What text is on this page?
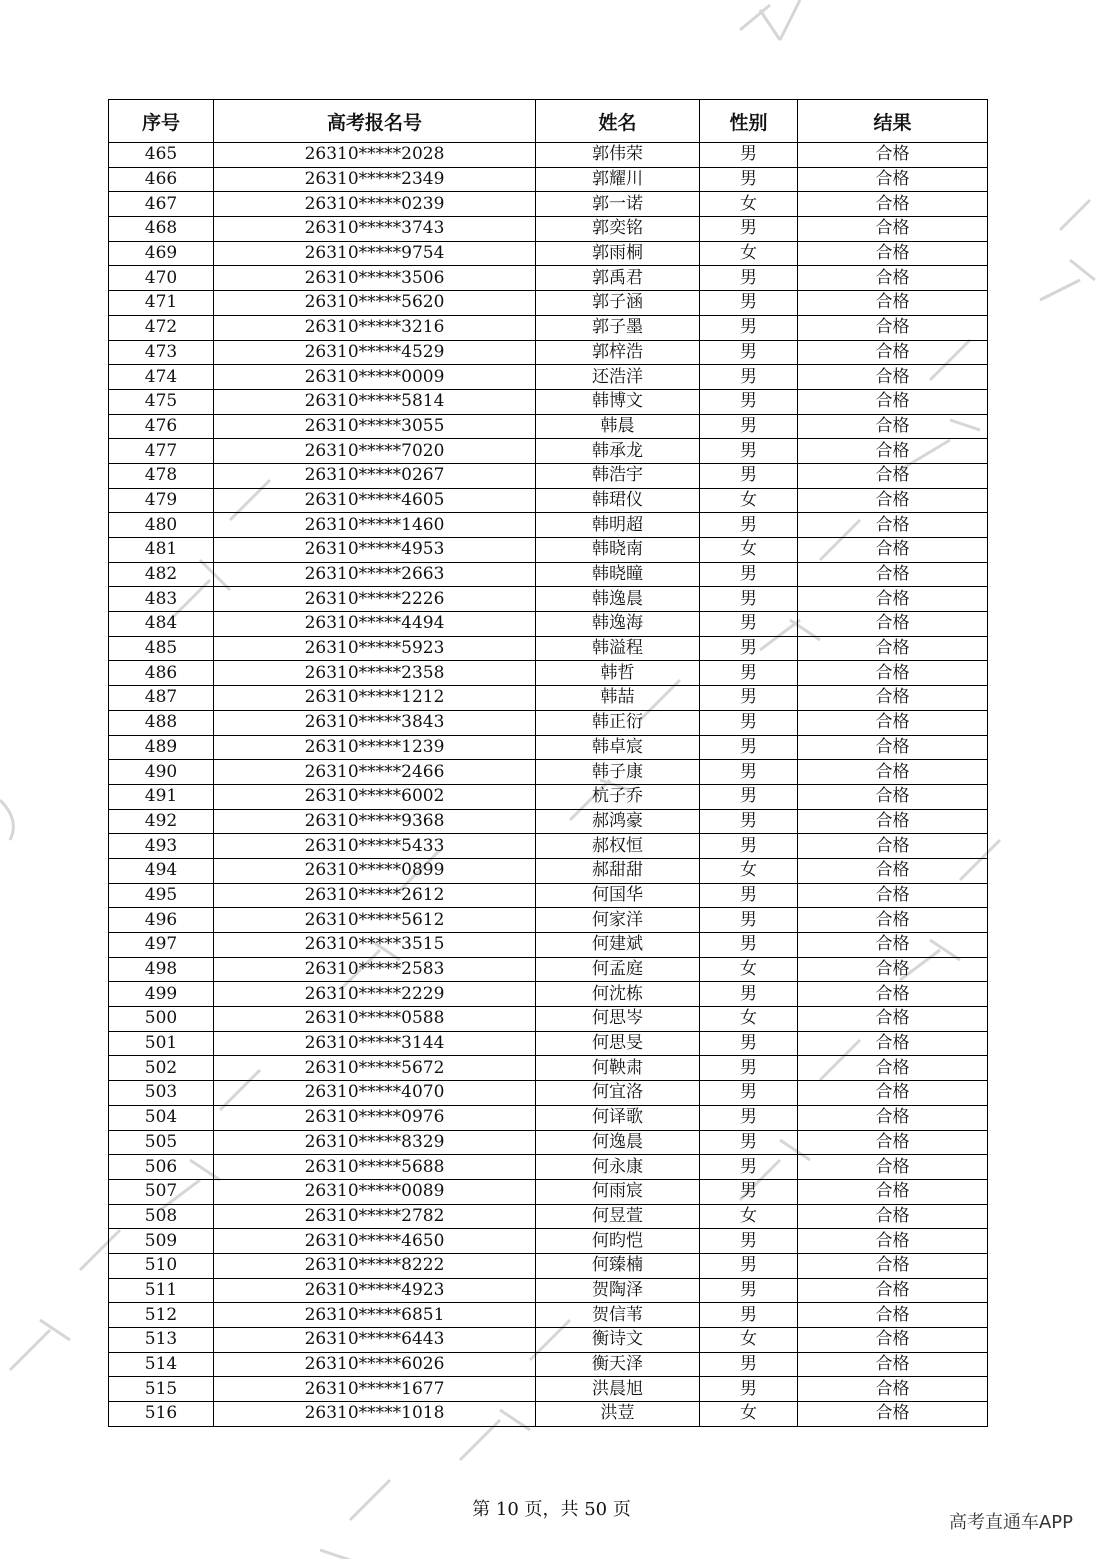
序号	高考报名号	姓名	性别	结果
465	26310*****2028	郭伟荣	男	合格
466	26310*****2349	郭耀川	男	合格
467	26310*****0239	郭一诺	女	合格
468	26310*****3743	郭奕铭	男	合格
469	26310*****9754	郭雨桐	女	合格
470	26310*****3506	郭禹君	男	合格
471	26310*****5620	郭子涵	男	合格
472	26310*****3216	郭子墨	男	合格
473	26310*****4529	郭梓浩	男	合格
474	26310*****0009	还浩洋	男	合格
475	26310*****5814	韩博文	男	合格
476	26310*****3055	韩晨	男	合格
477	26310*****7020	韩承龙	男	合格
478	26310*****0267	韩浩宇	男	合格
479	26310*****4605	韩珺仪	女	合格
480	26310*****1460	韩明超	男	合格
481	26310*****4953	韩晓南	女	合格
482	26310*****2663	韩晓瞳	男	合格
483	26310*****2226	韩逸晨	男	合格
484	26310*****4494	韩逸海	男	合格
485	26310*****5923	韩溢程	男	合格
486	26310*****2358	韩哲	男	合格
487	26310*****1212	韩喆	男	合格
488	26310*****3843	韩正衍	男	合格
489	26310*****1239	韩卓宸	男	合格
490	26310*****2466	韩子康	男	合格
491	26310*****6002	杭子乔	男	合格
492	26310*****9368	郝鸿豪	男	合格
493	26310*****5433	郝权恒	男	合格
494	26310*****0899	郝甜甜	女	合格
495	26310*****2612	何国华	男	合格
496	26310*****5612	何家洋	男	合格
497	26310*****3515	何建斌	男	合格
498	26310*****2583	何孟庭	女	合格
499	26310*****2229	何沈栋	男	合格
500	26310*****0588	何思岑	女	合格
501	26310*****3144	何思旻	男	合格
502	26310*****5672	何鞅肃	男	合格
503	26310*****4070	何宜洛	男	合格
504	26310*****0976	何译歌	男	合格
505	26310*****8329	何逸晨	男	合格
506	26310*****5688	何永康	男	合格
507	26310*****0089	何雨宸	男	合格
508	26310*****2782	何昱萱	女	合格
509	26310*****4650	何昀恺	男	合格
510	26310*****8222	何臻楠	男	合格
511	26310*****4923	贺陶泽	男	合格
512	26310*****6851	贺信苇	男	合格
513	26310*****6443	衡诗文	女	合格
514	26310*****6026	衡天泽	男	合格
515	26310*****1677	洪晨旭	男	合格
516	26310*****1018	洪荳	女	合格
第 10 页，共 50 页
高考直通车APP
